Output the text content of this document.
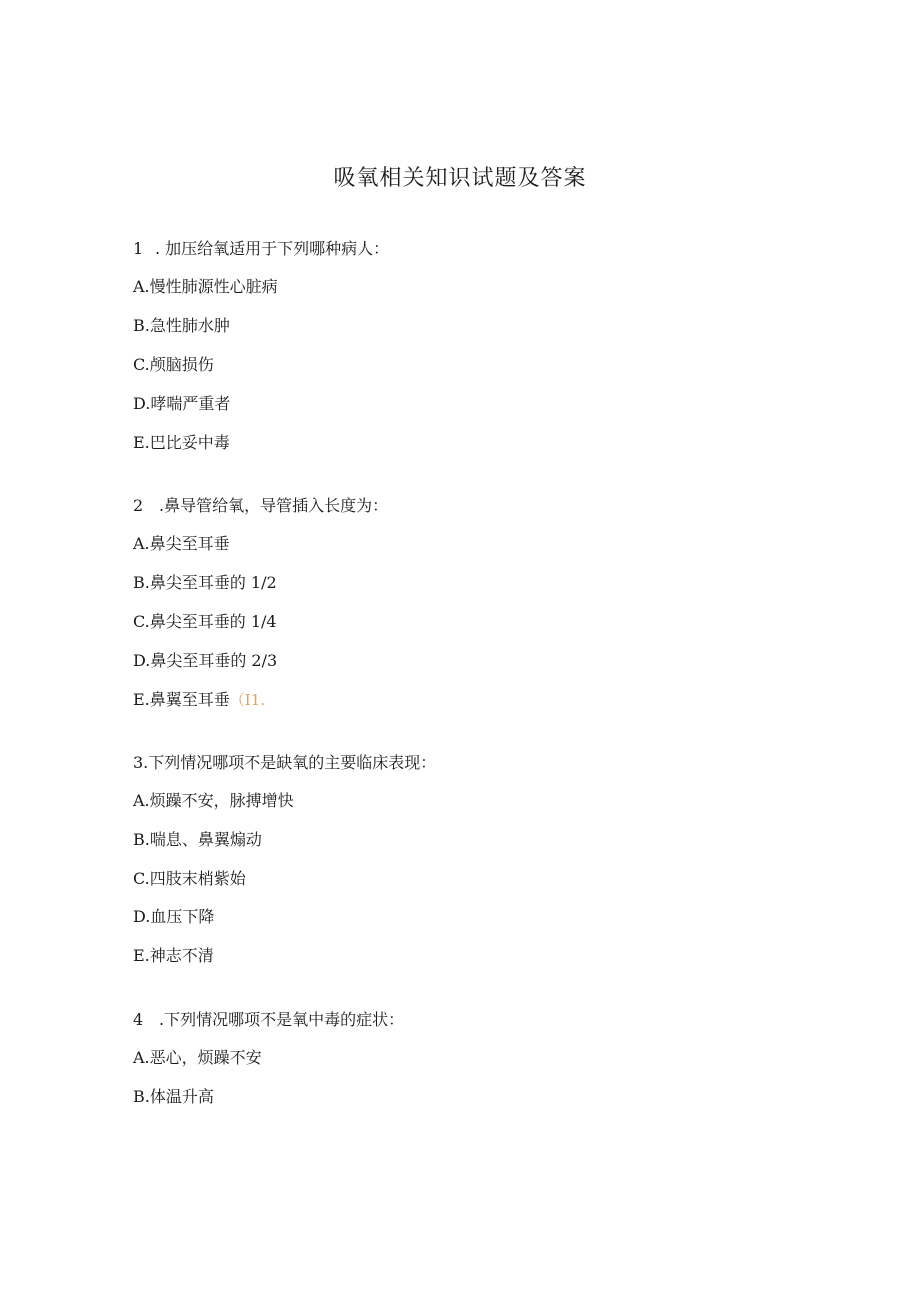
吸氧相关知识试题及答案
1 . 加压给氧适用于下列哪种病人：
A.慢性肺源性心脏病
B.急性肺水肿
C.颅脑损伤
D.哮喘严重者
E.巴比妥中毒
2 .鼻导管给氧，导管插入长度为：
A.鼻尖至耳垂
B.鼻尖至耳垂的 1/2
C.鼻尖至耳垂的 1/4
D.鼻尖至耳垂的 2/3
E.鼻翼至耳垂（I1.
3.下列情况哪项不是缺氧的主要临床表现：
A.烦躁不安，脉搏增快
B.喘息、鼻翼煽动
C.四肢末梢紫始
D.血压下降
E.神志不清
4 .下列情况哪项不是氧中毒的症状：
A.恶心，烦躁不安
B.体温升高
